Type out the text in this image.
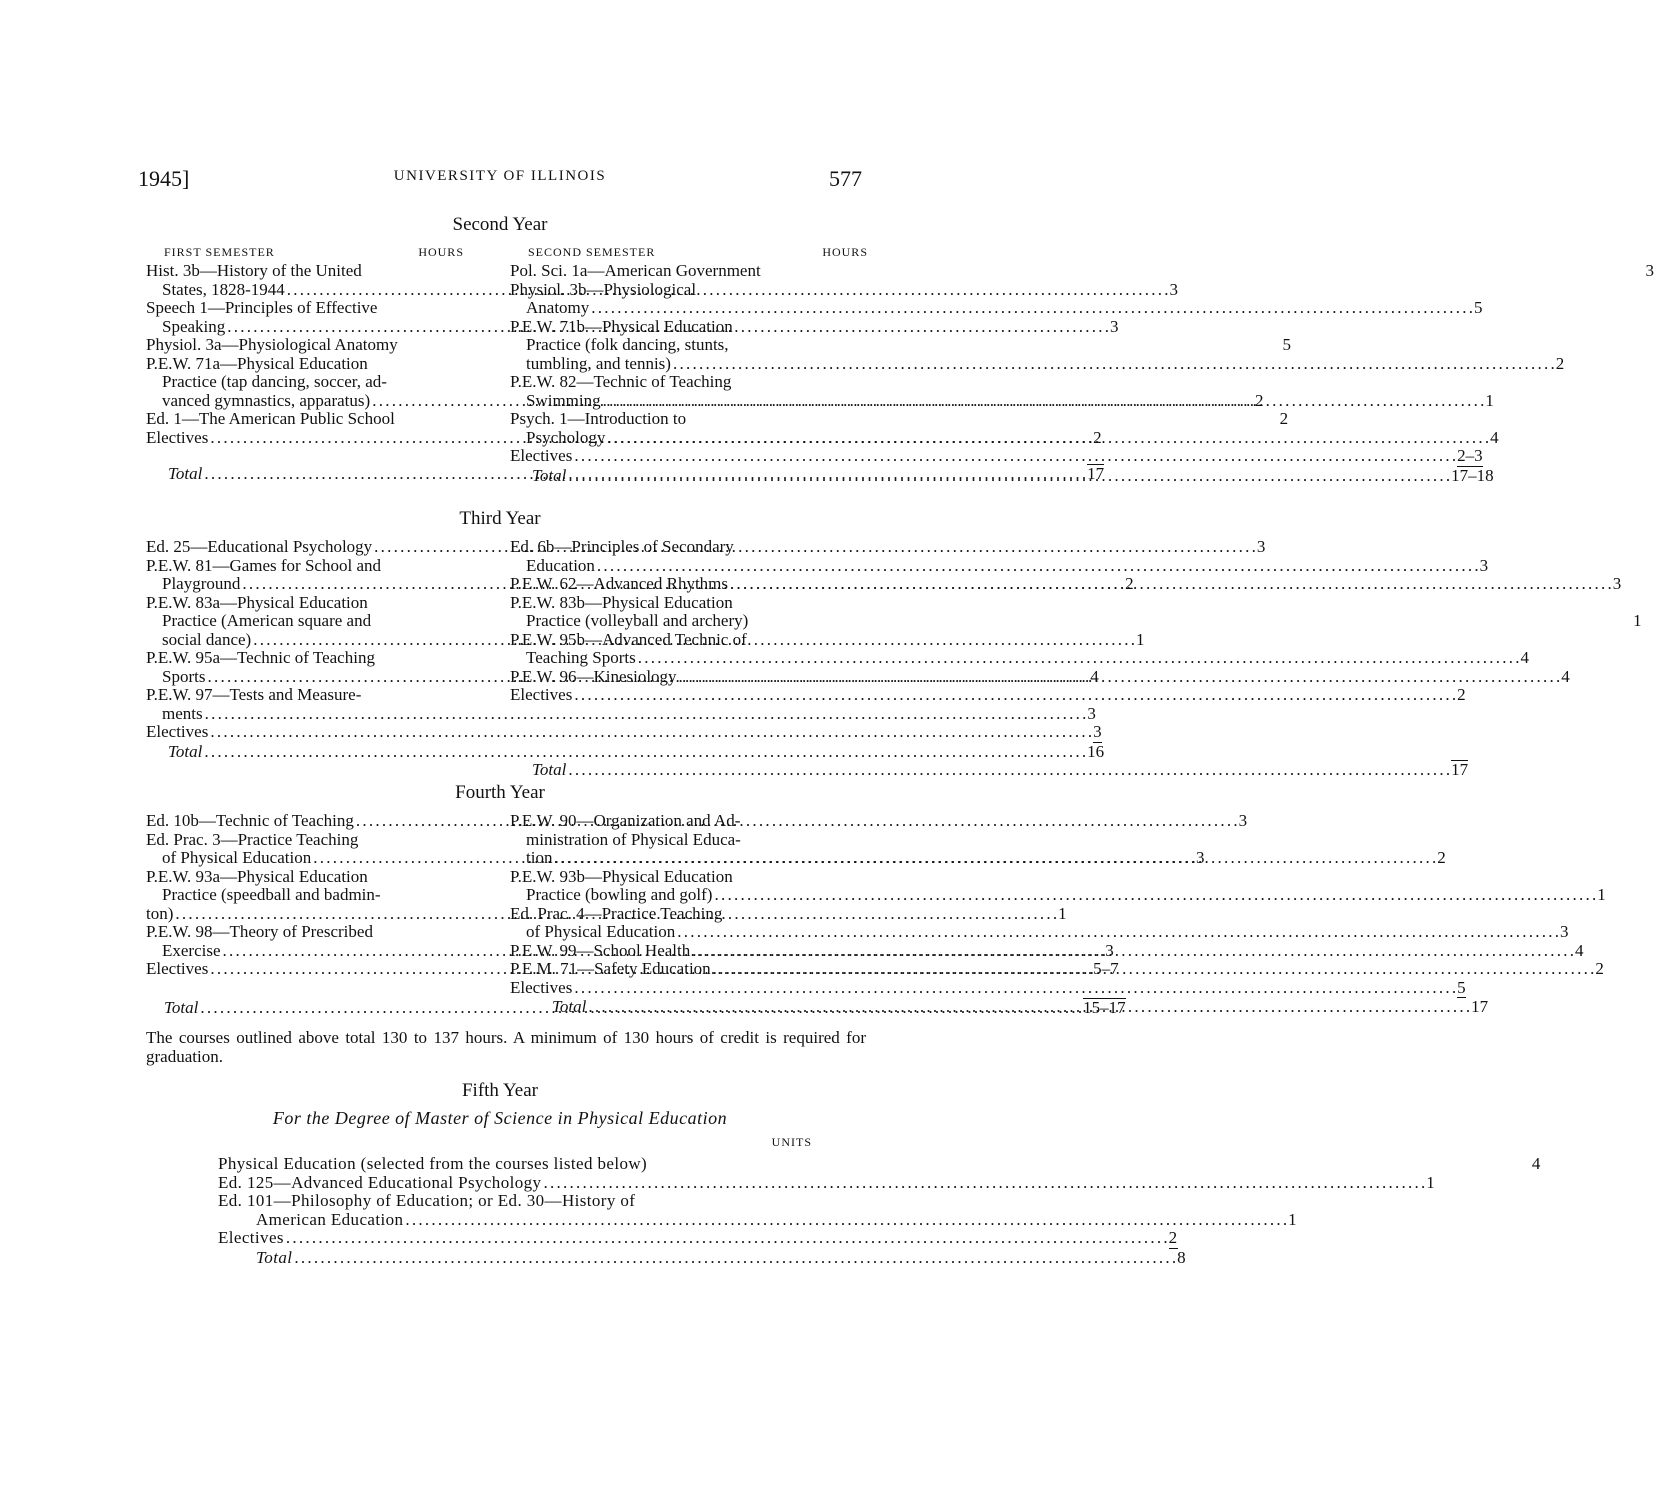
1945]	UNIVERSITY OF ILLINOIS	577
Second Year
FIRST SEMESTER	HOURS
Hist. 3b—History of the United
States, 1828-1944 . . .	3
Speech 1—Principles of Effective
Speaking . . .	3
Physiol. 3a—Physiological Anatomy	5
P.E.W. 71a—Physical Education
Practice (tap dancing, soccer, ad-
vanced gymnastics, apparatus) . . .	2
Ed. 1—The American Public School	2
Electives . . .	2
Total . . .	17
SECOND SEMESTER	HOURS
Pol. Sci. 1a—American Government	3
Physiol. 3b—Physiological
Anatomy . . .	5
P.E.W. 71b—Physical Education
Practice (folk dancing, stunts,
tumbling, and tennis) . . .	2
P.E.W. 82—Technic of Teaching
Swimming . . .	1
Psych. 1—Introduction to
Psychology . . .	4
Electives . . .	2–3
Total . . .	17–18
Third Year
Ed. 25—Educational Psychology . . .	3
P.E.W. 81—Games for School and
Playground . . .	2
P.E.W. 83a—Physical Education
Practice (American square and
social dance) . . .	1
P.E.W. 95a—Technic of Teaching
Sports . . .	4
P.E.W. 97—Tests and Measure-
ments . . .	3
Electives . . .	3
Total . . .	16
Ed. 6b—Principles of Secondary
Education . . .	3
P.E.W. 62—Advanced Rhythms . . .	3
P.E.W. 83b—Physical Education
Practice (volleyball and archery)	1
P.E.W. 95b—Advanced Technic of
Teaching Sports . . .	4
P.E.W. 96—Kinesiology . . .	4
Electives . . .	2
Total . . .	17
Fourth Year
Ed. 10b—Technic of Teaching . . .	3
Ed. Prac. 3—Practice Teaching
of Physical Education . . .	3
P.E.W. 93a—Physical Education
Practice (speedball and badmin-
ton) . . .	1
P.E.W. 98—Theory of Prescribed
Exercise . . .	3
Electives . . .	5–7
Total . . .	15–17
P.E.W. 90—Organization and Ad-
ministration of Physical Educa-
tion . . .	2
P.E.W. 93b—Physical Education
Practice (bowling and golf) . . .	1
Ed. Prac. 4—Practice Teaching
of Physical Education . . .	3
P.E.W. 99—School Health . . .	4
P.E.M. 71—Safety Education . . .	2
Electives . . .	5
Total . . .	17
The courses outlined above total 130 to 137 hours. A minimum of 130 hours of credit is required for graduation.
Fifth Year
For the Degree of Master of Science in Physical Education
UNITS
Physical Education (selected from the courses listed below)	4
Ed. 125—Advanced Educational Psychology . . .	1
Ed. 101—Philosophy of Education; or Ed. 30—History of
American Education . . .	1
Electives . . .	2
Total . . .	8
